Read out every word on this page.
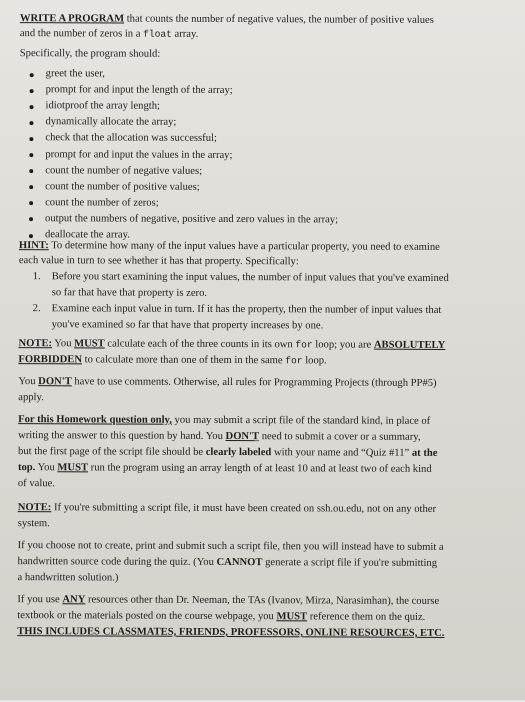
WRITE A PROGRAM that counts the number of negative values, the number of positive values
and the number of zeros in a float array.
Specifically, the program should:
greet the user,
prompt for and input the length of the array;
idiotproof the array length;
dynamically allocate the array;
check that the allocation was successful;
prompt for and input the values in the array;
count the number of negative values;
count the number of positive values;
count the number of zeros;
output the numbers of negative, positive and zero values in the array;
deallocate the array.
HINT: To determine how many of the input values have a particular property, you need to examine
each value in turn to see whether it has that property. Specifically:
1. Before you start examining the input values, the number of input values that you've examined
so far that have that property is zero.
2. Examine each input value in turn. If it has the property, then the number of input values that
you've examined so far that have that property increases by one.
NOTE: You MUST calculate each of the three counts in its own for loop; you are ABSOLUTELY
FORBIDDEN to calculate more than one of them in the same for loop.
You DON'T have to use comments. Otherwise, all rules for Programming Projects (through PP#5)
apply.
For this Homework question only, you may submit a script file of the standard kind, in place of
writing the answer to this question by hand. You DON'T need to submit a cover or a summary,
but the first page of the script file should be clearly labeled with your name and “Quiz #11” at the
top. You MUST run the program using an array length of at least 10 and at least two of each kind
of value.
NOTE: If you're submitting a script file, it must have been created on ssh.ou.edu, not on any other
system.
If you choose not to create, print and submit such a script file, then you will instead have to submit a
handwritten source code during the quiz. (You CANNOT generate a script file if you're submitting
a handwritten solution.)
If you use ANY resources other than Dr. Neeman, the TAs (Ivanov, Mirza, Narasimhan), the course
textbook or the materials posted on the course webpage, you MUST reference them on the quiz.
THIS INCLUDES CLASSMATES, FRIENDS, PROFESSORS, ONLINE RESOURCES, ETC.
